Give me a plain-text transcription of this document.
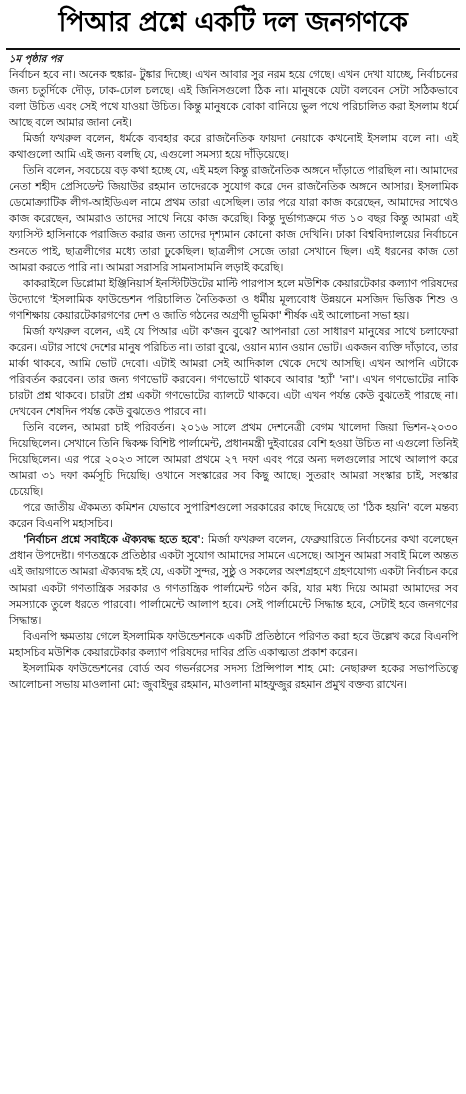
পিআর প্রশ্নে একটি দল জনগণকে

১ম পৃষ্ঠার পর

নির্বাচন হবে না। অনেক হুঙ্কার- টুঙ্কার দিচ্ছে। এখন আবার সুর নরম হয়ে গেছে। এখন দেখা যাচ্ছে, নির্বাচনের জন্য চতুর্দিকে দৌড়, ঢাক-ঢোল চলছে। এই জিনিসগুলো ঠিক না। মানুষকে যেটা বলবেন সেটা সঠিকভাবে বলা উচিত এবং সেই পথে যাওয়া উচিত। কিন্তু মানুষকে বোকা বানিয়ে ভুল পথে পরিচালিত করা ইসলাম ধর্মে আছে বলে আমার জানা নেই।

মির্জা ফখরুল বলেন, ধর্মকে ব্যবহার করে রাজনৈতিক ফায়দা নেয়াকে কখনোই ইসলাম বলে না। এই কথাগুলো আমি এই জন্য বলছি যে, এগুলো সমস্যা হয়ে দাঁড়িয়েছে।

তিনি বলেন, সবচেয়ে বড় কথা হচ্ছে যে, এই মহল কিন্তু রাজনৈতিক অঙ্গনে দাঁড়াতে পারছিল না। আমাদের নেতা শহীদ প্রেসিডেন্ট জিয়াউর রহমান তাদেরকে সুযোগ করে দেন রাজনৈতিক অঙ্গনে আসার। ইসলামিক ডেমোক্র্যাটিক লীগ-আইডিএল নামে প্রথম তারা এসেছিল। তার পরে যারা কাজ করেছেন, আমাদের সাথেও কাজ করেছেন, আমরাও তাদের সাথে নিয়ে কাজ করেছি। কিন্তু দুর্ভাগ্যক্রমে গত ১০ বছর কিন্তু আমরা এই ফ্যাসিস্ট হাসিনাকে পরাজিত করার জন্য তাদের দৃশ্যমান কোনো কাজ দেখিনি। ঢাকা বিশ্ববিদ্যালয়ের নির্বাচনে শুনতে পাই, ছাত্রলীগের মধ্যে তারা ঢুকেছিল। ছাত্রলীগ সেজে তারা সেখানে ছিল। এই ধরনের কাজ তো আমরা করতে পারি না। আমরা সরাসরি সামনাসামনি লড়াই করেছি।

কাকরাইলে ডিপ্লোমা ইঞ্জিনিয়ার্স ইনস্টিটিউটের মাল্টি পারপাস হলে মউশিক কেয়ারটেকার কল্যাণ পরিষদের উদ্যোগে 'ইসলামিক ফাউন্ডেশন পরিচালিত নৈতিকতা ও ধর্মীয় মূল্যবোধ উন্নয়নে মসজিদ ভিত্তিক শিশু ও গণশিক্ষায় কেয়ারটেকারগণের দেশ ও জাতি গঠনের অগ্রণী ভূমিকা' শীর্ষক এই আলোচনা সভা হয়।

মির্জা ফখরুল বলেন, এই যে পিআর এটা ক'জন বুঝে? আপনারা তো সাধারণ মানুষের সাথে চলাফেরা করেন। এটার সাথে দেশের মানুষ পরিচিত না। তারা বুঝে, ওয়ান ম্যান ওয়ান ভোট। একজন ব্যক্তি দাঁড়াবে, তার মার্কা থাকবে, আমি ভোট দেবো। এটাই আমরা সেই আদিকাল থেকে দেখে আসছি। এখন আপনি এটাকে পরিবর্তন করবেন। তার জন্য গণভোট করবেন। গণভোটে থাকবে আবার 'হ্যাঁ' 'না'। এখন গণভোটের নাকি চারটা প্রশ্ন থাকবে। চারটা প্রশ্ন একটা গণভোটের ব্যালটে থাকবে। এটা এখন পর্যন্ত কেউ বুঝতেই পারছে না। দেখবেন শেষদিন পর্যন্ত কেউ বুঝতেও পারবে না।

তিনি বলেন, আমরা চাই পরিবর্তন। ২০১৬ সালে প্রথম দেশনেত্রী বেগম খালেদা জিয়া ভিশন-২০৩০ দিয়েছিলেন। সেখানে তিনি দ্বিকক্ষ বিশিষ্ট পার্লামেন্ট, প্রধানমন্ত্রী দুইবারের বেশি হওয়া উচিত না এগুলো তিনিই দিয়েছিলেন। এর পরে ২০২৩ সালে আমরা প্রথমে ২৭ দফা এবং পরে অন্য দলগুলোর সাথে আলাপ করে আমরা ৩১ দফা কর্মসূচি দিয়েছি। ওখানে সংস্কারের সব কিছু আছে। সুতরাং আমরা সংস্কার চাই, সংস্কার চেয়েছি।

পরে জাতীয় ঐকমত্য কমিশন যেভাবে সুপারিশগুলো সরকারের কাছে দিয়েছে তা 'ঠিক হয়নি' বলে মন্তব্য করেন বিএনপি মহাসচিব।

'নির্বাচন প্রশ্নে সবাইকে ঐক্যবদ্ধ হতে হবে': মির্জা ফখরুল বলেন, ফেব্রুয়ারিতে নির্বাচনের কথা বলেছেন প্রধান উপদেষ্টা। গণতন্ত্রকে প্রতিষ্ঠার একটা সুযোগ আমাদের সামনে এসেছে। আসুন আমরা সবাই মিলে অন্তত এই জায়গাতে আমরা ঐক্যবদ্ধ হই যে, একটা সুন্দর, সুষ্ঠু ও সকলের অংশগ্রহণে গ্রহণযোগ্য একটা নির্বাচন করে আমরা একটা গণতান্ত্রিক সরকার ও গণতান্ত্রিক পার্লামেন্ট গঠন করি, যার মধ্য দিয়ে আমরা আমাদের সব সমস্যাকে তুলে ধরতে পারবো। পার্লামেন্টে আলাপ হবে। সেই পার্লামেন্টে সিদ্ধান্ত হবে, সেটাই হবে জনগণের সিদ্ধান্ত।

বিএনপি ক্ষমতায় গেলে ইসলামিক ফাউন্ডেশনকে একটি প্রতিষ্ঠানে পরিণত করা হবে উল্লেখ করে বিএনপি মহাসচিব মউশিক কেয়ারটেকার কল্যাণ পরিষদের দাবির প্রতি একাত্মতা প্রকাশ করেন।

ইসলামিক ফাউন্ডেশনের বোর্ড অব গভর্নরসের সদস্য প্রিন্সিপাল শাহ মো: নেছারুল হকের সভাপতিত্বে আলোচনা সভায় মাওলানা মো: জুবাইদুর রহমান, মাওলানা মাহফুজুর রহমান প্রমুখ বক্তব্য রাখেন।
